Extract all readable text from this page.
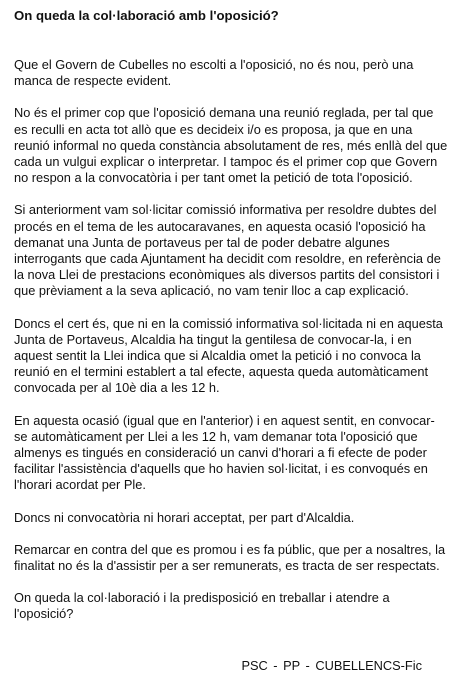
On queda la col·laboració amb l'oposició?

Que el Govern de Cubelles no escolti a l'oposició, no és nou, però una manca de respecte evident.

No és el primer cop que l'oposició demana una reunió reglada, per tal que es reculli en acta tot allò que es decideix i/o es proposa, ja que en una reunió informal no queda constància absolutament de res, més enllà del que cada un vulgui explicar o interpretar. I tampoc és el primer cop que Govern no respon a la convocatòria i per tant omet la petició de tota l'oposició.

Si anteriorment vam sol·licitar comissió informativa per resoldre dubtes del procés en el tema de les autocaravanes, en aquesta ocasió l'oposició ha demanat una Junta de portaveus per tal de poder debatre algunes interrogants que cada Ajuntament ha decidit com resoldre, en referència de la nova Llei de prestacions econòmiques als diversos partits del consistori i que prèviament a la seva aplicació, no vam tenir lloc a cap explicació.

Doncs el cert és, que ni en la comissió informativa sol·licitada ni en aquesta Junta de Portaveus, Alcaldia ha tingut la gentilesa de convocar-la, i en aquest sentit la Llei indica que si Alcaldia omet la petició i no convoca la reunió en el termini establert a tal efecte, aquesta queda automàticament convocada per al 10è dia a les 12 h.

En aquesta ocasió (igual que en l'anterior) i en aquest sentit, en convocar-se automàticament per Llei a les 12 h, vam demanar tota l'oposició que almenys es tingués en consideració un canvi d'horari a fi efecte de poder facilitar l'assistència d'aquells que ho havien sol·licitat, i es convoqués en l'horari acordat per Ple.

Doncs ni convocatòria ni horari acceptat, per part d'Alcaldia.

Remarcar en contra del que es promou i es fa públic, que per a nosaltres, la finalitat no és la d'assistir per a ser remunerats, es tracta de ser respectats.

On queda la col·laboració i la predisposició en treballar i atendre a l'oposició?

PSC - PP - CUBELLENCS-Fic
